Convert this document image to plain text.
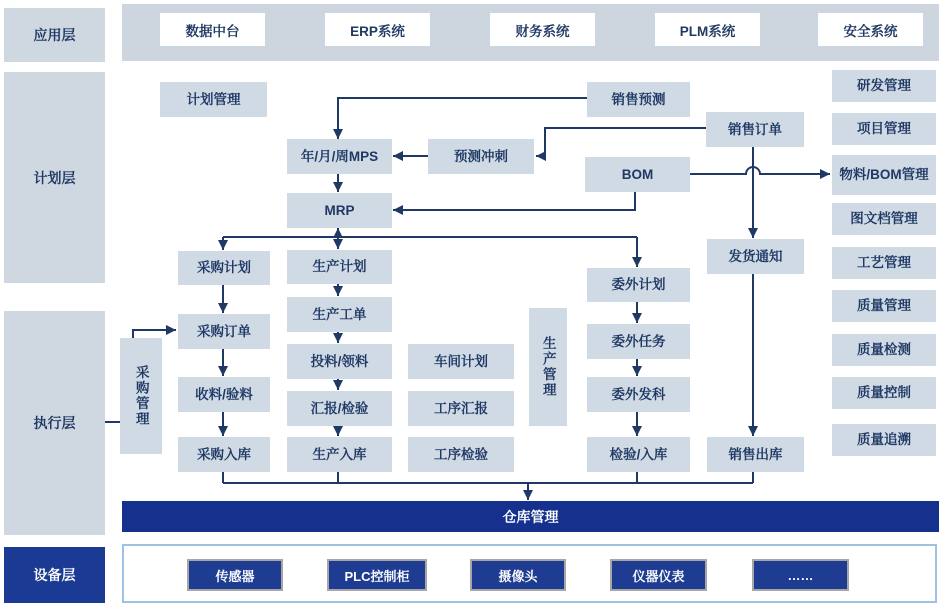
应用层
计划层
执行层
设备层
数据中台	ERP系统	财务系统	PLM系统	安全系统
计划管理	销售预测
销售订单
年/月/周MPS	预测冲刺
BOM
MRP
采购计划	生产计划
委外计划
发货通知
采购订单
生产工单
投料/领料	车间计划
委外任务
收料/验料
汇报/检验	工序汇报
委外发科
采购入库	生产入库	工序检验	检验/入库	销售出库
采购管理	生产管理
研发管理
项目管理
物料/BOM管理
图文档管理
工艺管理
质量管理
质量检测
质量控制
质量追溯
仓库管理
传感器	PLC控制柜	摄像头	仪器仪表	……
